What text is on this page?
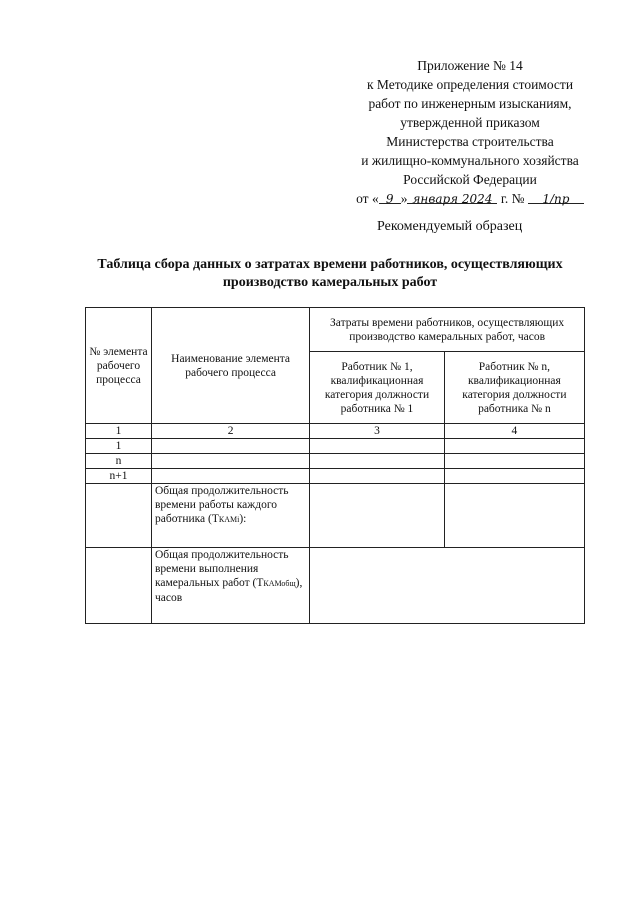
Приложение № 14
к Методике определения стоимости
работ по инженерным изысканиям,
утвержденной приказом
Министерства строительства
и жилищно-коммунального хозяйства
Российской Федерации
от « 9 » января 2024 г. № 1/пр
Рекомендуемый образец
Таблица сбора данных о затратах времени работников, осуществляющих
производство камеральных работ
№ элемента рабочего процесса	Наименование элемента рабочего процесса	Затраты времени работников, осуществляющих производство камеральных работ, часов	
		Работник № 1, квалификационная категория должности работника № 1	Работник № n, квалификационная категория должности работника № n
1	2	3	4
1			
n			
n+1			
	Общая продолжительность времени работы каждого работника (TКАМi):		
	Общая продолжительность времени выполнения камеральных работ (TКАМобщ), часов		
